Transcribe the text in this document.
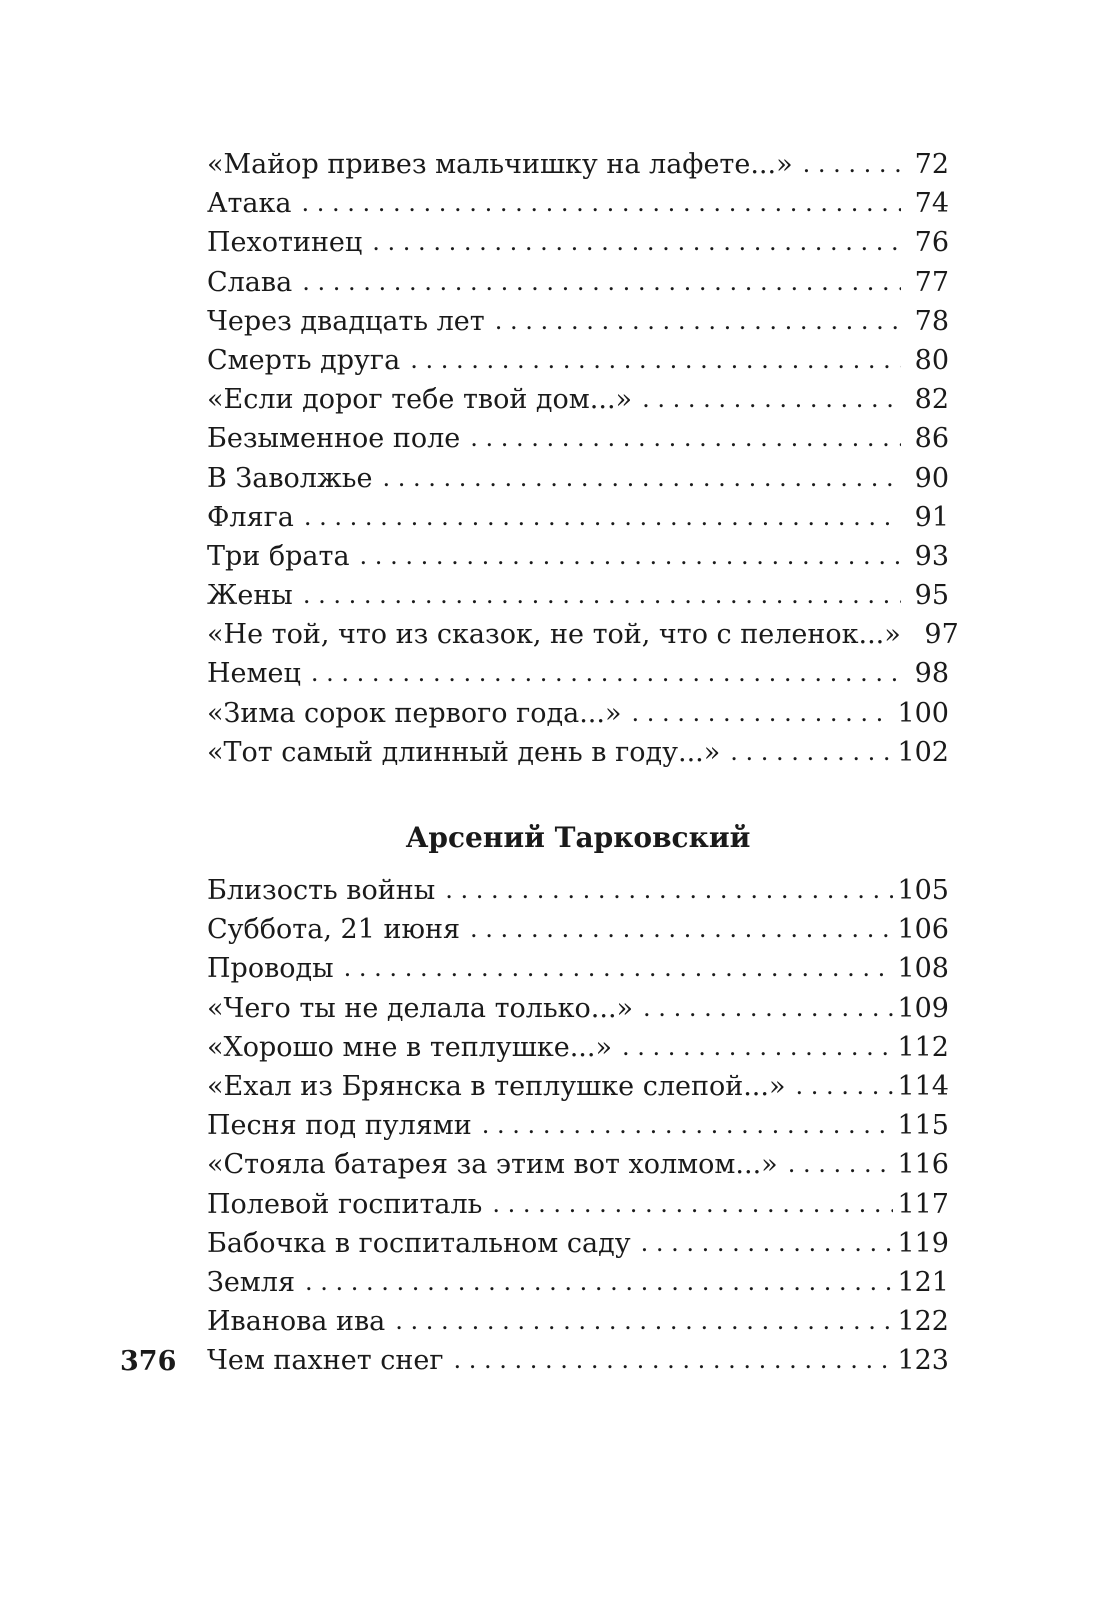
«Майор привез мальчишку на лафете...» . . .	72
Атака . . .	74
Пехотинец . . .	76
Слава . . .	77
Через двадцать лет . . .	78
Смерть друга . . .	80
«Если дорог тебе твой дом...» . . .	82
Безыменное поле . . .	86
В Заволжье . . .	90
Фляга . . .	91
Три брата . . .	93
Жены . . .	95
«Не той, что из сказок, не той, что с пеленок...» 97
Немец . . .	98
«Зима сорок первого года...» . . .	100
«Тот самый длинный день в году...» . . .	102
Арсений Тарковский
Близость войны . . .	105
Суббота, 21 июня . . .	106
Проводы . . .	108
«Чего ты не делала только...» . . .	109
«Хорошо мне в теплушке...» . . .	112
«Ехал из Брянска в теплушке слепой...» . . .	114
Песня под пулями . . .	115
«Стояла батарея за этим вот холмом...» . . .	116
Полевой госпиталь . . .	117
Бабочка в госпитальном саду . . .	119
Земля . . .	121
Иванова ива . . .	122
Чем пахнет снег . . .	123
376
